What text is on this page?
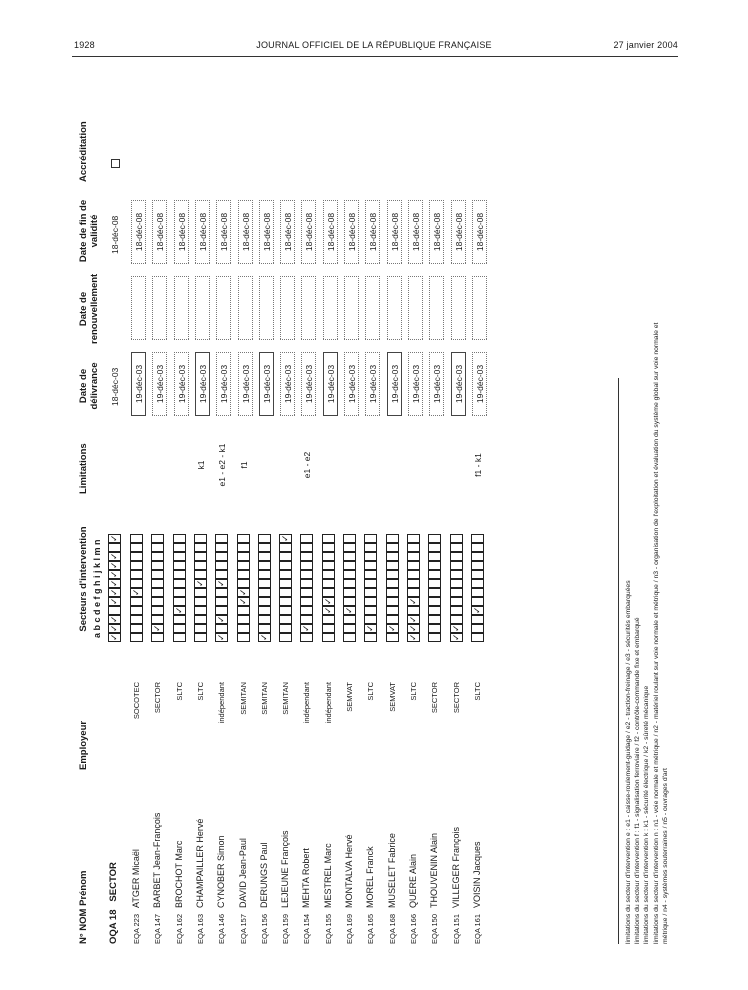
1928	JOURNAL OFFICIEL DE LA RÉPUBLIQUE FRANÇAISE	27 janvier 2004
N° NOM Prénom
Employeur
Secteurs d'intervention a b c d e f g h i j k l m n
Limitations
Date de délivrance
Date de renouvellement
Date de fin de validité
Accréditation
OQA 18   SECTOR
✓✓✓✓✓✓✓✓✓✓
18-déc-03
18-déc-08
EQA 223
ATGER Micaël
SOCOTEC
✓
19-déc-03
18-déc-08
EQA 147
BARBET Jean-François
SECTOR
✓
19-déc-03
18-déc-08
EQA 162
BROCHOT Marc
SLTC
✓
19-déc-03
18-déc-08
EQA 163
CHAMPAILLER Hervé
SLTC
✓
k1
19-déc-03
18-déc-08
EQA 146
CYNOBER Simon
indépendant
✓✓✓
e1 - e2 - k1
19-déc-03
18-déc-08
EQA 157
DAVID Jean-Paul
SEMITAN
✓✓
f1
19-déc-03
18-déc-08
EQA 156
DERUNGS Paul
SEMITAN
✓
19-déc-03
18-déc-08
EQA 159
LEJEUNE François
SEMITAN
✓
19-déc-03
18-déc-08
EQA 154
MEHTA Robert
indépendant
✓
e1 - e2
19-déc-03
18-déc-08
EQA 155
MESTREL Marc
indépendant
✓✓
19-déc-03
18-déc-08
EQA 169
MONTALVA Hervé
SEMVAT
✓
19-déc-03
18-déc-08
EQA 165
MOREL Franck
SLTC
✓
19-déc-03
18-déc-08
EQA 168
MUSELET Fabrice
SEMVAT
✓
19-déc-03
18-déc-08
EQA 166
QUERE Alain
SLTC
✓✓✓✓
19-déc-03
18-déc-08
EQA 150
THOUVENIN Alain
SECTOR
19-déc-03
18-déc-08
EQA 151
VILLEGER François
SECTOR
✓✓
19-déc-03
18-déc-08
EQA 161
VOISIN Jacques
SLTC
✓
f1 - k1
19-déc-03
18-déc-08
limitations du secteur d'intervention e : e1 - caisse-roulement-guidage / e2 - traction-freinage / e3 - sécurités embarquées limitations du secteur d'intervention f : f1 - signalisation ferroviaire / f2 - contrôle-commande fixe et embarqué limitations du secteur d'intervention k : k1 - sécurité électrique / k2 - sûreté mécanique limitations du secteur d'intervention n : n1 - voie normale et métrique / n2 - matériel roulant sur voie normale et métrique / n3 - organisation de l'exploitation et évaluation du système global sur voie normale et métrique / n4 - systèmes souterraines / n5 - ouvrages d'art
